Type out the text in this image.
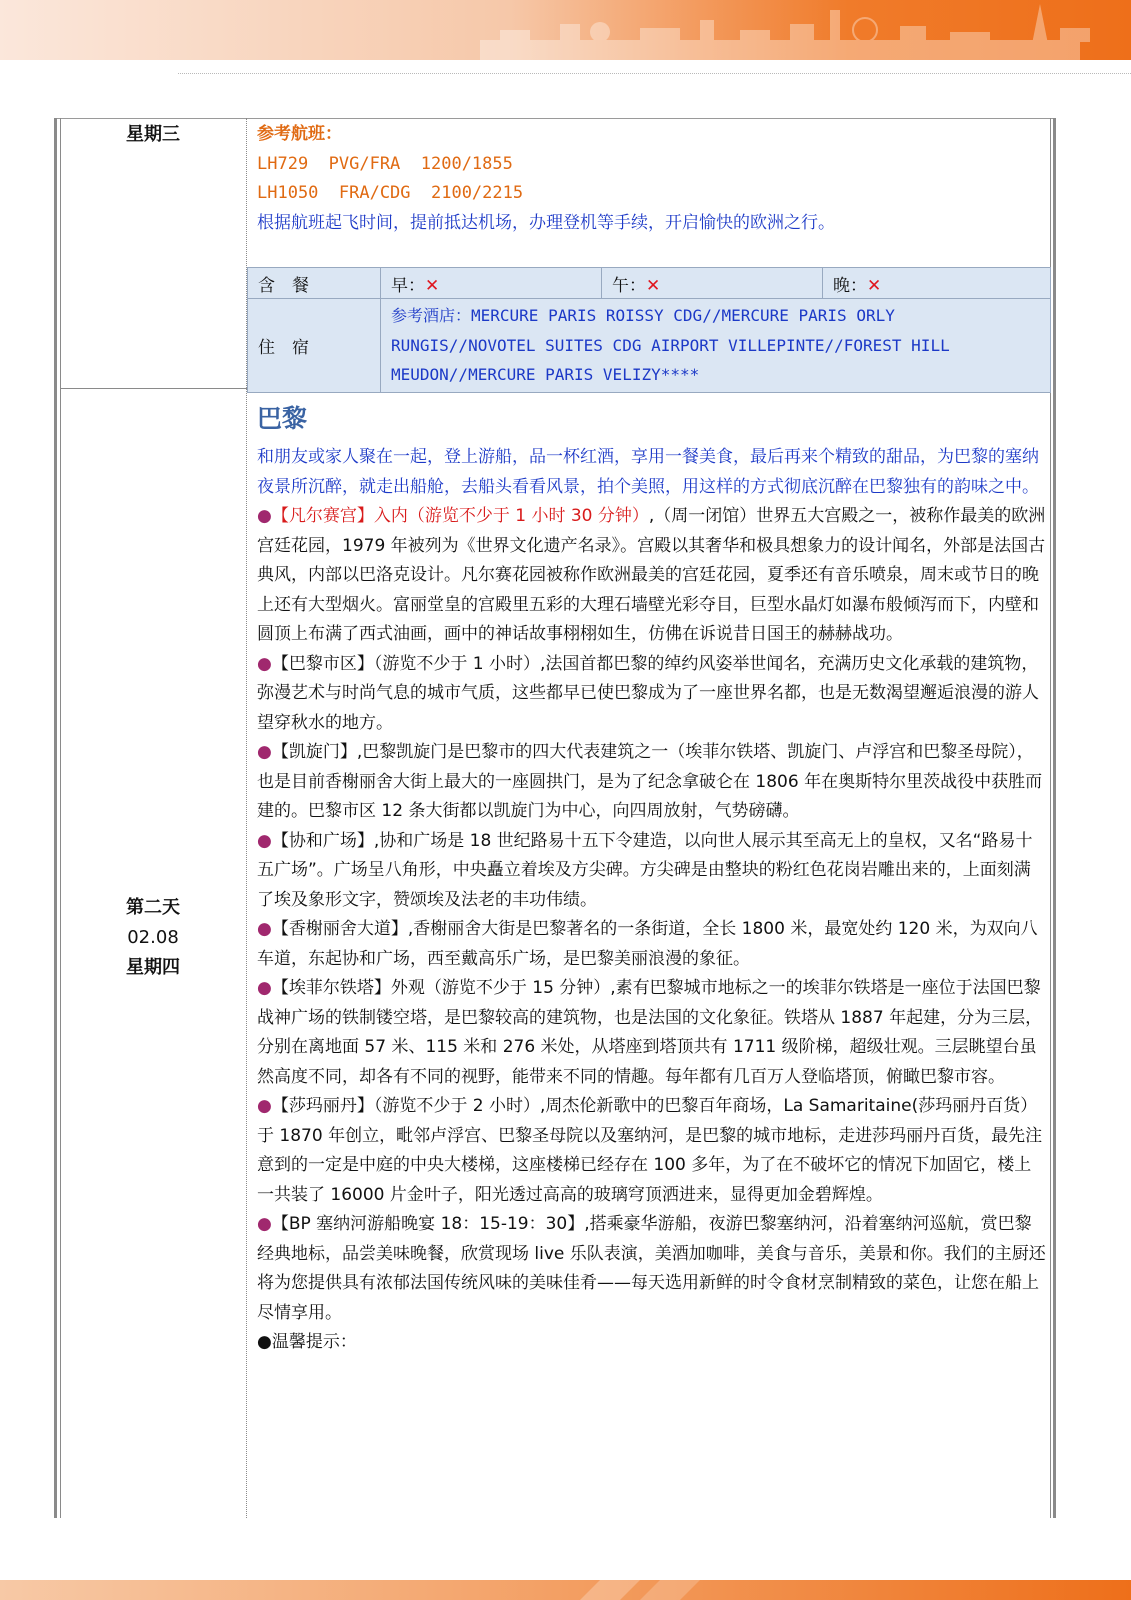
星期三	参考航班：
LH729  PVG/FRA  1200/1855
LH1050  FRA/CDG  2100/2215
根据航班起飞时间，提前抵达机场，办理登机等手续，开启愉快的欧洲之行。
含　餐	早：✕	午：✕	晚：✕
住　宿	参考酒店：MERCURE PARIS ROISSY CDG//MERCURE PARIS ORLY RUNGIS//NOVOTEL SUITES CDG AIRPORT VILLEPINTE//FOREST HILL MEUDON//MERCURE PARIS VELIZY****		
第二天
02.08
星期四
巴黎

和朋友或家人聚在一起，登上游船，品一杯红酒，享用一餐美食，最后再来个精致的甜品，为巴黎的塞纳夜景所沉醉，就走出船舱，去船头看看风景，拍个美照，用这样的方式彻底沉醉在巴黎独有的韵味之中。

●【凡尔赛宫】入内（游览不少于 1 小时 30 分钟）,（周一闭馆）世界五大宫殿之一，被称作最美的欧洲宫廷花园，1979 年被列为《世界文化遗产名录》。宫殿以其奢华和极具想象力的设计闻名，外部是法国古典风，内部以巴洛克设计。凡尔赛花园被称作欧洲最美的宫廷花园，夏季还有音乐喷泉，周末或节日的晚上还有大型烟火。富丽堂皇的宫殿里五彩的大理石墙壁光彩夺目，巨型水晶灯如瀑布般倾泻而下，内壁和圆顶上布满了西式油画，画中的神话故事栩栩如生，仿佛在诉说昔日国王的赫赫战功。

●【巴黎市区】（游览不少于 1 小时）,法国首都巴黎的绰约风姿举世闻名，充满历史文化承载的建筑物，弥漫艺术与时尚气息的城市气质，这些都早已使巴黎成为了一座世界名都，也是无数渴望邂逅浪漫的游人望穿秋水的地方。

●【凯旋门】,巴黎凯旋门是巴黎市的四大代表建筑之一（埃菲尔铁塔、凯旋门、卢浮宫和巴黎圣母院），也是目前香榭丽舍大街上最大的一座圆拱门，是为了纪念拿破仑在 1806 年在奥斯特尔里茨战役中获胜而建的。巴黎市区 12 条大街都以凯旋门为中心，向四周放射，气势磅礴。

●【协和广场】,协和广场是 18 世纪路易十五下令建造，以向世人展示其至高无上的皇权，又名“路易十五广场”。广场呈八角形，中央矗立着埃及方尖碑。方尖碑是由整块的粉红色花岗岩雕出来的，上面刻满了埃及象形文字，赞颂埃及法老的丰功伟绩。

●【香榭丽舍大道】,香榭丽舍大街是巴黎著名的一条街道，全长 1800 米，最宽处约 120 米，为双向八车道，东起协和广场，西至戴高乐广场，是巴黎美丽浪漫的象征。

●【埃菲尔铁塔】外观（游览不少于 15 分钟）,素有巴黎城市地标之一的埃菲尔铁塔是一座位于法国巴黎战神广场的铁制镂空塔，是巴黎较高的建筑物，也是法国的文化象征。铁塔从 1887 年起建，分为三层，分别在离地面 57 米、115 米和 276 米处，从塔座到塔顶共有 1711 级阶梯，超级壮观。三层眺望台虽然高度不同，却各有不同的视野，能带来不同的情趣。每年都有几百万人登临塔顶，俯瞰巴黎市容。

●【莎玛丽丹】（游览不少于 2 小时）,周杰伦新歌中的巴黎百年商场，La Samaritaine(莎玛丽丹百货）于 1870 年创立，毗邻卢浮宫、巴黎圣母院以及塞纳河，是巴黎的城市地标，走进莎玛丽丹百货，最先注意到的一定是中庭的中央大楼梯，这座楼梯已经存在 100 多年，为了在不破坏它的情况下加固它，楼上一共装了 16000 片金叶子，阳光透过高高的玻璃穹顶洒进来，显得更加金碧辉煌。

●【BP 塞纳河游船晚宴 18：15-19：30】,搭乘豪华游船，夜游巴黎塞纳河，沿着塞纳河巡航，赏巴黎经典地标，品尝美味晚餐，欣赏现场 live 乐队表演，美酒加咖啡，美食与音乐，美景和你。我们的主厨还将为您提供具有浓郁法国传统风味的美味佳肴——每天选用新鲜的时令食材烹制精致的菜色，让您在船上尽情享用。

●温馨提示：
